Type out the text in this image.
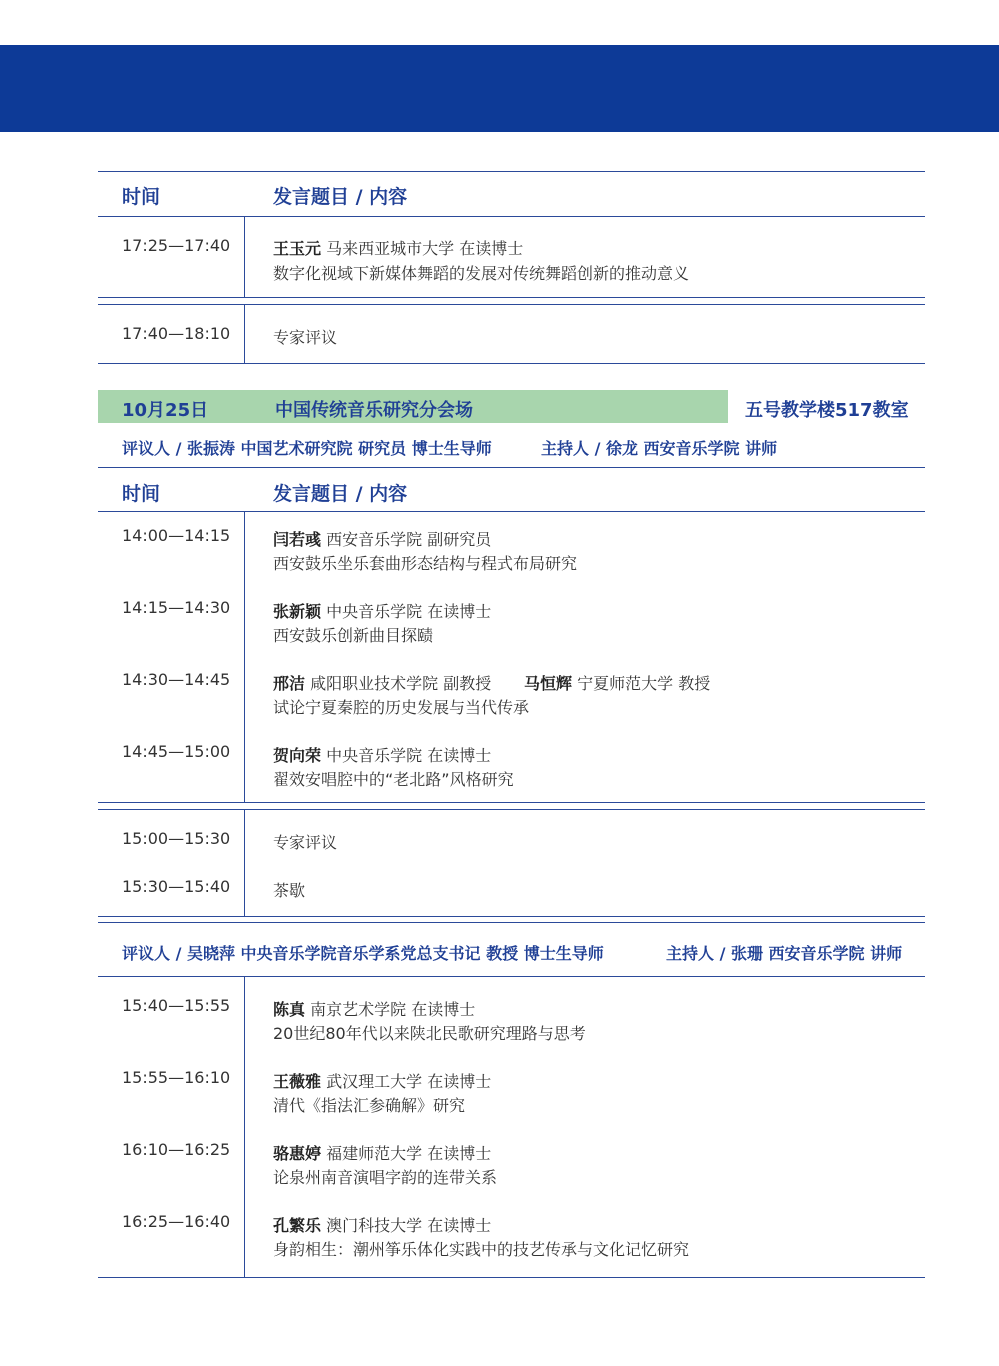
时间	发言题目 / 内容
17:25—17:40	王玉元 马来西亚城市大学 在读博士
数字化视域下新媒体舞蹈的发展对传统舞蹈创新的推动意义
17:40—18:10	专家评议
10月25日	中国传统音乐研究分会场	五号教学楼517教室
评议人 / 张振涛 中国艺术研究院 研究员 博士生导师	主持人 / 徐龙 西安音乐学院 讲师
时间	发言题目 / 内容
14:00—14:15	闫若彧 西安音乐学院 副研究员
西安鼓乐坐乐套曲形态结构与程式布局研究
14:15—14:30	张新颖 中央音乐学院 在读博士
西安鼓乐创新曲目探赜
14:30—14:45	邢洁 咸阳职业技术学院 副教授 马恒辉 宁夏师范大学 教授
试论宁夏秦腔的历史发展与当代传承
14:45—15:00	贺向荣 中央音乐学院 在读博士
翟效安唱腔中的“老北路”风格研究
15:00—15:30	专家评议
15:30—15:40	茶歇
评议人 / 吴晓萍 中央音乐学院音乐学系党总支书记 教授 博士生导师	主持人 / 张珊 西安音乐学院 讲师
15:40—15:55	陈真 南京艺术学院 在读博士
20世纪80年代以来陕北民歌研究理路与思考
15:55—16:10	王薇雅 武汉理工大学 在读博士
清代《指法汇参确解》研究
16:10—16:25	骆惠婷 福建师范大学 在读博士
论泉州南音演唱字韵的连带关系
16:25—16:40	孔繁乐 澳门科技大学 在读博士
身韵相生：潮州筝乐体化实践中的技艺传承与文化记忆研究
